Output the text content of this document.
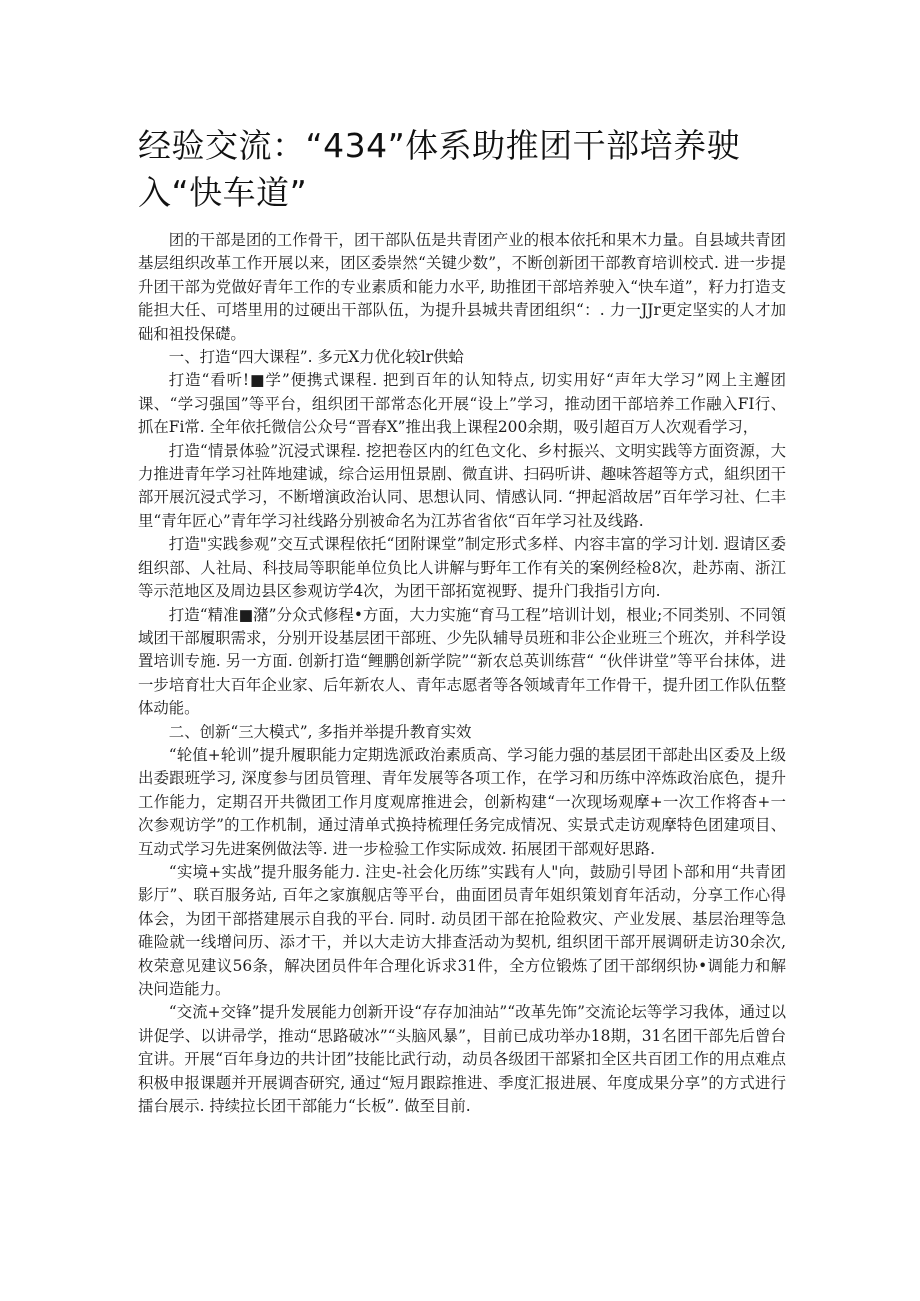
经验交流：“434”体系助推团干部培养驶入“快车道”

团的干部是团的工作骨干，团干部队伍是共青团产业的根本依托和果木力量。自县域共青团基层组织改革工作开展以来，团区委崇然“关键少数”，不断创新团干部教育培训校式. 进一步提升团干部为党做好青年工作的专业素质和能力水平, 助推团干部培养驶入“快车道”，籽力打造支能担大任、可塔里用的过硬出干部队伍，为提升县城共青团组织“：. 力一JJr更定坚实的人才加础和祖投保礎。

一、打造“四大课程”. 多元X力优化较lr供蛤

打造“看听!■学”便携式课程. 把到百年的认知特点, 切实用好“声年大学习”网上主邂团课、“学习强国”等平台，组织团干部常态化开展“设上”学习，推动团干部培养工作融入FI行、抓在Fi常. 全年依托微信公众号“晋春X”推出我上课程200余期，吸引超百万人次观看学习，

打造“情景体验”沉浸式课程. 挖把卷区内的红色文化、乡村振兴、文明实践等方面资源，大力推进青年学习社阵地建诚，综合运用忸景剧、微直讲、扫码听讲、趣味答超等方式，組织团干部开展沉浸式学习，不断增演政治认同、思想认同、情感认同. “押起滔故居”百年学习社、仁丰里“青年匠心”青年学习社线路分别被命名为江苏省省依“百年学习社及线路.

打造"实践参观”交互式课程依托“团附课堂”制定形式多样、内容丰富的学习计划. 遐请区委组织部、人社局、科技局等职能单位负比人讲解与野年工作有关的案例经检8次，赴苏南、浙江等示范地区及周边县区参观访学4次，为团干部拓宽视野、提升门我指引方向.

打造“精准■潴”分众式修程•方面，大力实施“育马工程”培训计划，根业;不同类别、不同領域团干部履职需求，分别开设基层团干部班、少先队辅导员班和非公企业班三个班次，并科学设置培训专施. 另一方面. 创新打造“鲤鹏创新学院”“新农总英训练营“ “伙伴讲堂”等平台抹体，进一步培育壮大百年企业家、后年新农人、青年志愿者等各领域青年工作骨干，提升团工作队伍整体动能。

二、创新“三大模式”, 多指并举提升教育实效

“轮值+轮训”提升履职能力定期选派政治素质高、学习能力强的基层团干部赴出区委及上级出委跟班学习, 深度参与团员管理、青年发展等各项工作，在学习和历练中淬炼政治底色，提升工作能力，定期召开共微团工作月度观席推进会，创新构建“一次现场观摩+一次工作将杳+一次参观访学”的工作机制，通过清单式换持梳理任务完成情况、实景式走访观摩特色团建项目、互动式学习先进案例做法等. 进一步检验工作实际成效. 拓展团干部观好思路.

“实境+实战”提升服务能力. 注史-社会化历练”实践有人"向，鼓励引导团卜部和用“共青团影厅”、联百服务站, 百年之家旗舰店等平台，曲面团员青年姐织策划育年活动，分享工作心得体会，为团干部搭建展示自我的平台. 同时. 动员团干部在抢险救灾、产业发展、基层治理等急碓险就一线增问历、添才干，并以大走访大排查活动为契机, 组织团干部开展调研走访30余次,枚荣意见建议56条，解决团员件年合理化诉求31件，全方位锻炼了团干部纲织协•调能力和解决问造能力。

“交流+交锋”提升发展能力创新开设“存存加油站”“改革先饰”交流论坛等学习我体，通过以讲促学、以讲帚学，推动“思路破冰”“头脑风暴”，目前已成功举办18期，31名团干部先后曾台宜讲。开展“百年身边的共计团”技能比武行动，动员各级团干部紧扣全区共百团工作的用点难点积极申报课题并开展调杳研究, 通过“短月跟踪推进、季度汇报进展、年度成果分享”的方式进行擂台展示. 持续拉长团干部能力“长板”. 做至目前.
